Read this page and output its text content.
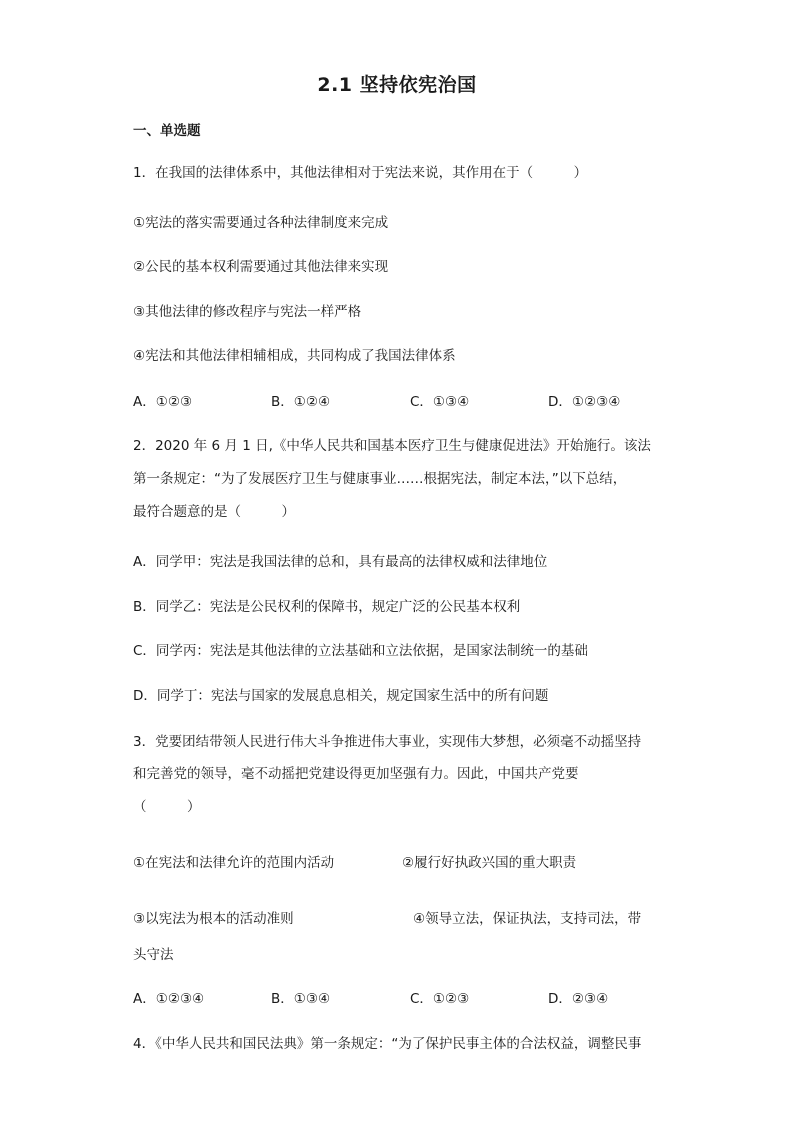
2.1 坚持依宪治国
一、单选题
1．在我国的法律体系中，其他法律相对于宪法来说，其作用在于（　　　）
①宪法的落实需要通过各种法律制度来完成
②公民的基本权利需要通过其他法律来实现
③其他法律的修改程序与宪法一样严格
④宪法和其他法律相辅相成，共同构成了我国法律体系
A．①②③	B．①②④	C．①③④	D．①②③④
2．2020 年 6 月 1 日,《中华人民共和国基本医疗卫生与健康促进法》开始施行。该法
第一条规定：“为了发展医疗卫生与健康事业……根据宪法，制定本法，”以下总结，
最符合题意的是（　　　）
A．同学甲：宪法是我国法律的总和，具有最高的法律权威和法律地位
B．同学乙：宪法是公民权利的保障书，规定广泛的公民基本权利
C．同学丙：宪法是其他法律的立法基础和立法依据，是国家法制统一的基础
D．同学丁：宪法与国家的发展息息相关，规定国家生活中的所有问题
3．党要团结带领人民进行伟大斗争推进伟大事业，实现伟大梦想，必须毫不动摇坚持
和完善党的领导，毫不动摇把党建设得更加坚强有力。因此，中国共产党要
（　　　）
①在宪法和法律允许的范围内活动	②履行好执政兴国的重大职责
③以宪法为根本的活动准则	④领导立法，保证执法，支持司法，带
头守法
A．①②③④	B．①③④	C．①②③	D．②③④
4．《中华人民共和国民法典》第一条规定：“为了保护民事主体的合法权益，调整民事
